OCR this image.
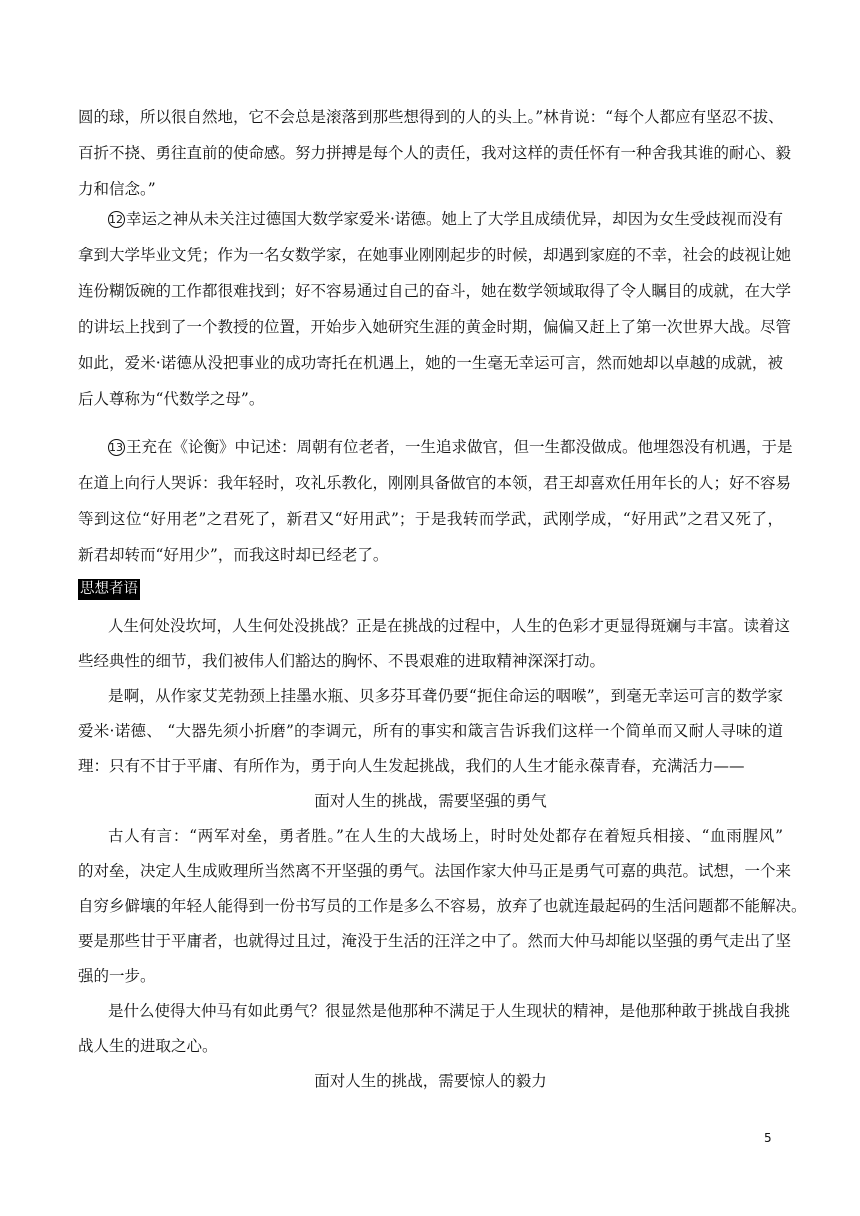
圆的球，所以很自然地，它不会总是滚落到那些想得到的人的头上。”林肯说：“每个人都应有坚忍不拔、
百折不挠、勇往直前的使命感。努力拼搏是每个人的责任，我对这样的责任怀有一种舍我其谁的耐心、毅
力和信念。”
12 幸运之神从未关注过德国大数学家爱米·诺德。她上了大学且成绩优异，却因为女生受歧视而没有
拿到大学毕业文凭；作为一名女数学家，在她事业刚刚起步的时候，却遇到家庭的不幸，社会的歧视让她
连份糊饭碗的工作都很难找到；好不容易通过自己的奋斗，她在数学领域取得了令人瞩目的成就，在大学
的讲坛上找到了一个教授的位置，开始步入她研究生涯的黄金时期，偏偏又赶上了第一次世界大战。尽管
如此，爱米·诺德从没把事业的成功寄托在机遇上，她的一生毫无幸运可言，然而她却以卓越的成就，被
后人尊称为“代数学之母”。
13 王充在《论衡》中记述：周朝有位老者，一生追求做官，但一生都没做成。他埋怨没有机遇，于是
在道上向行人哭诉：我年轻时，攻礼乐教化，刚刚具备做官的本领，君王却喜欢任用年长的人；好不容易
等到这位“好用老”之君死了，新君又“好用武”；于是我转而学武，武刚学成，“好用武”之君又死了，
新君却转而“好用少”，而我这时却已经老了。
思想者语
人生何处没坎坷，人生何处没挑战？正是在挑战的过程中，人生的色彩才更显得斑斓与丰富。读着这
些经典性的细节，我们被伟人们豁达的胸怀、不畏艰难的进取精神深深打动。
是啊，从作家艾芜勃颈上挂墨水瓶、贝多芬耳聋仍要“扼住命运的咽喉”，到毫无幸运可言的数学家
爱米·诺德、 “大器先须小折磨”的李调元，所有的事实和箴言告诉我们这样一个简单而又耐人寻味的道
理：只有不甘于平庸、有所作为，勇于向人生发起挑战，我们的人生才能永葆青春，充满活力——
面对人生的挑战，需要坚强的勇气
古人有言：“两军对垒，勇者胜。”在人生的大战场上，时时处处都存在着短兵相接、“血雨腥风”
的对垒，决定人生成败理所当然离不开坚强的勇气。法国作家大仲马正是勇气可嘉的典范。试想，一个来
自穷乡僻壤的年轻人能得到一份书写员的工作是多么不容易，放弃了也就连最起码的生活问题都不能解决。
要是那些甘于平庸者，也就得过且过，淹没于生活的汪洋之中了。然而大仲马却能以坚强的勇气走出了坚
强的一步。
是什么使得大仲马有如此勇气？很显然是他那种不满足于人生现状的精神，是他那种敢于挑战自我挑
战人生的进取之心。
面对人生的挑战，需要惊人的毅力
5
